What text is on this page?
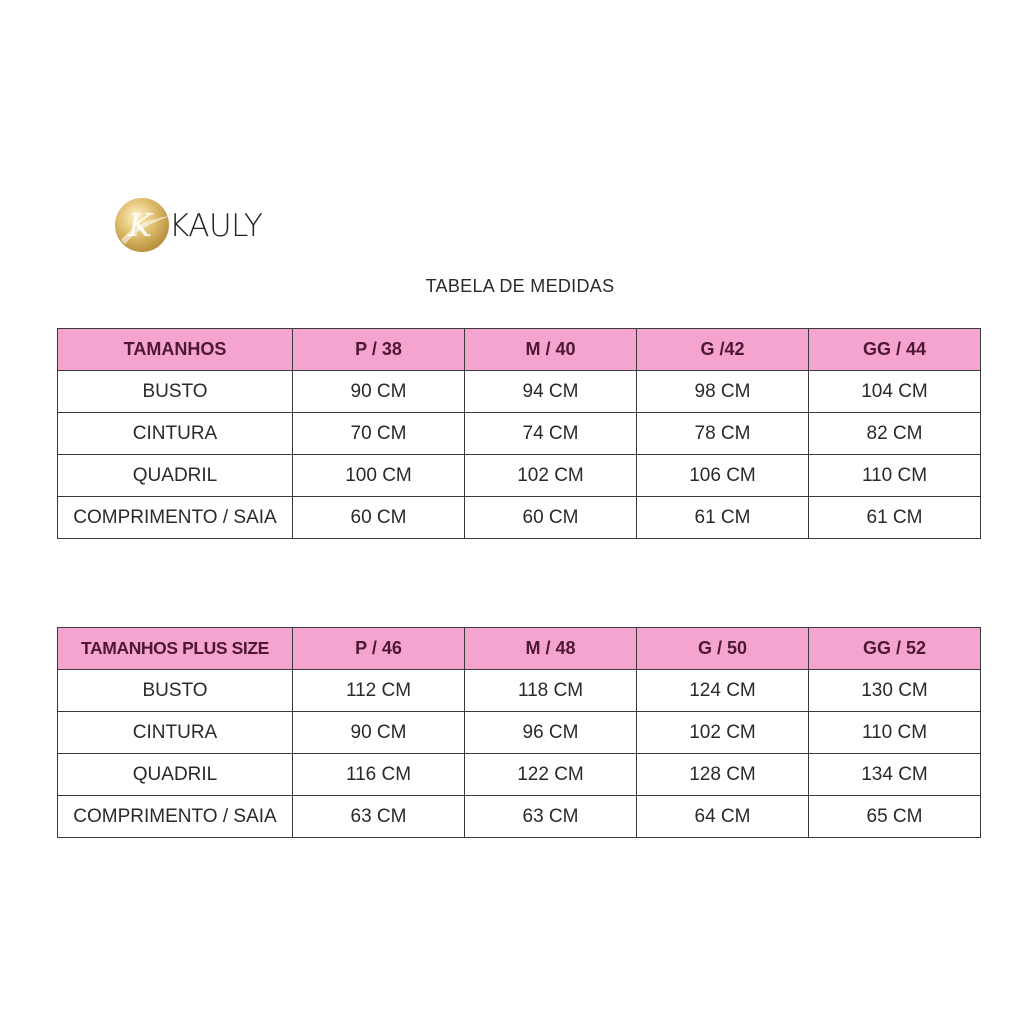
K KAULY
TABELA DE MEDIDAS
TAMANHOS	P / 38	M / 40	G /42	GG / 44
BUSTO	90 CM	94 CM	98 CM	104 CM
CINTURA	70 CM	74 CM	78 CM	82 CM
QUADRIL	100 CM	102 CM	106 CM	110 CM
COMPRIMENTO / SAIA	60 CM	60 CM	61 CM	61 CM
TAMANHOS PLUS SIZE	P / 46	M / 48	G / 50	GG / 52
BUSTO	112 CM	118 CM	124 CM	130 CM
CINTURA	90 CM	96 CM	102 CM	110 CM
QUADRIL	116 CM	122 CM	128 CM	134 CM
COMPRIMENTO / SAIA	63 CM	63 CM	64 CM	65 CM
